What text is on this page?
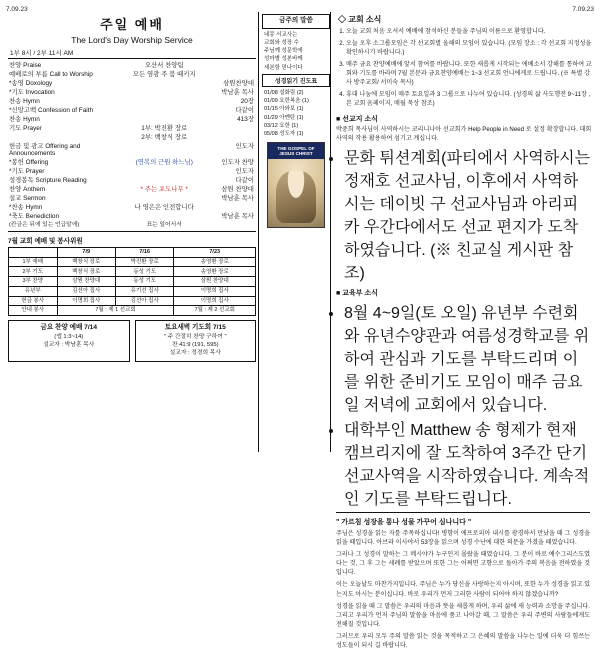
7.09.23	7.09.23
주일 예배
The Lord's Day Worship Service
1부 8시 / 2부 11시 AM
찬양 Praise	오산서 찬양팀	
예배로의 부름 Call to Worship	모든 염광 주 붐 때키지	
*송영 Doxology		삼뭔찬양대
*기도 Invocation		박남훈 목사
찬송 Hymn		20장
*신앙고백 Confession of Faith		다같이
찬송 Hymn		413장
기도 Prayer	1부: 박진환 장로	
	2부: 백창식 장로	
헌금 및 광고 Offering and Announcements		인도자
*봉헌 Offering	(연복의 근원 하느님)	인도자 찬양
*기도 Prayer		인도자
성경봉독 Scripture Reading		다같이
찬양 Anthem	* 주는 포도나무 *	삼뭔 찬양대
설교 Sermon		박남훈 목사
*찬송 Hymn	나 영은은 인전합니다	
*축도 Benediction		박남훈 목사
(칸금은 뒤에 있는 언급말에)	표는 일어서서	
7월 교회 예배 및 봉사위원
	7/9	7/16	7/23
1부 예배	백창식 장로	박진환 장로	송영환 장로
2부 기도	백창식 장로	동성 기도	송영환 장로
3부 찬양	삼뭔 찬양대	동성 기도	삼뭔 찬양대
유년부	김선아 집사	유기선 집사	이명희 집사
헌금 봉사	이명희 집사	김선아 집사	이명희 집사
안내 봉사	7월 : 제 1 선교회		7월 : 제 2 선교회
금요 찬양 예배 7/14
(엡 1:3~14)
설교자 : 박남훈 목사
토요새벽 기도회 7/15
" 주 간절히 찬양 구하여 "
찬 41:9 (191, 595)
설교자 : 정경희 목사
금주의 말씀
네몽 서교사는
교회와 성장 수
주님께 성문학에
성마별 성본바께
세본함 믿나이다
성경읽기 진도표
01/08 설화림 (2)
01/09 요한복음 (1)
01/15 아와보 (1)
01/29 아멘탄 (1)
03/12 요한 (1)
05/08 성도자 (1)
THE GOSPEL OF JESUS CHRIST
◇ 교회 소식
1. 오늘 교회 처음 오셔서 예배에 참석하신 분들을 주님의 이름으로 환영합니다.
2. 오늘 오후 소그룹모임은 각 선교회별 올해의 모임이 있습니다. (모임 장소 : 각 선교회 지정성을 확인하시기 바랍니다.)
3. 매주 금요 찬양예배에 앞서 참여를 바랍니다. 또한 새롭게 시작되는 에베소서 강해를 통하여 교회와 기도를 바라며 7월 본문과 금요찬양예배는 1~3 선교회 언니에게로 드립니다. (※ 특별 강사 방주교회/ 서미숙 목사)
4. 휴대 나눔에 모임이 매주 토요일과 3 그룹으로 나누어 있습니다. (성경의 삶 사도행전 9~11장 , 본 교회 옴페이지, 매월 묵상 참조)
■ 선교지 소식
박중희 목사님이 사역하시는 코리니나아 선교회가 Help People in Need 로 설정 확장합니다. 대회 사역의 작용 활용하여 섬기고 계십니다.
• 문화 튀션계회(파티에서 사역하시는 정재호 선교사님, 이후에서 사역하시는 데이빗 구 선교사님과 아리피카 우간다에서도 선교 편지가 도착하였습니다. (※ 친교실 게시판 참조)
■ 교육부 소식
• 8월 4~9일(토 오일) 유년부 수련회와 유년수양관과 여름성경학교를 위하여 관심과 기도를 부탁드리며 이를 위한 준비기도 모임이 매주 금요일 저녁에 교회에서 있습니다.
• 대학부인 Matthew 송 형제가 현재 캠브리지에 잘 도착하여 3주간 단기 선교사역을 시작하였습니다. 계속적인 기도를 부탁드립니다.
" 가르침 성장을 통나 성물 가꾸어 심나니다 "
주님은 성경을 읽는 자를 주목하십니다! 병함이 에프로피아 내시를 광경하서 만났을 때 그 성경을 읽을 때입니다. 아브라 이사야서 53장을 읽으며 성경 수난에 대한 의문을 가졌을 때였습니다.
그러나 그 성경이 말하는 그 메시야가 누구인지 몰랐을 때였습니다. 그 분이 바로 예수그리스도였다는 것, 그 후 그는 세례를 받았으며 또한 그는 어쩌면 고향으로 돌아가 주의 복음을 전하였을 것입니다.
이는 오늘날도 마찬가지입니다. 주님은 누가 당신을 사랑하는지 아시며, 또한 누가 성경을 읽고 있는지도 아시는 분이십니다. 바로 우리가 먼저 그러한 사람이 되어야 하지 않겠습니까?
성경을 읽을 때 그 말씀은 우리의 마음과 뜻을 새롭게 하며, 우리 삶에 새 능력과 소망을 주십니다. 그리고 우리가 먼저 주님의 말씀을 마음에 품고 나아갈 때, 그 말씀은 우리 주변의 사람들에게도 전해질 것입니다.
그러므로 우리 모두 주의 말씀 읽는 것을 목적하고 그 은혜의 말씀을 나누는 일에 더욱 더 힘쓰는 성도들이 되시 길 바랍니다.
